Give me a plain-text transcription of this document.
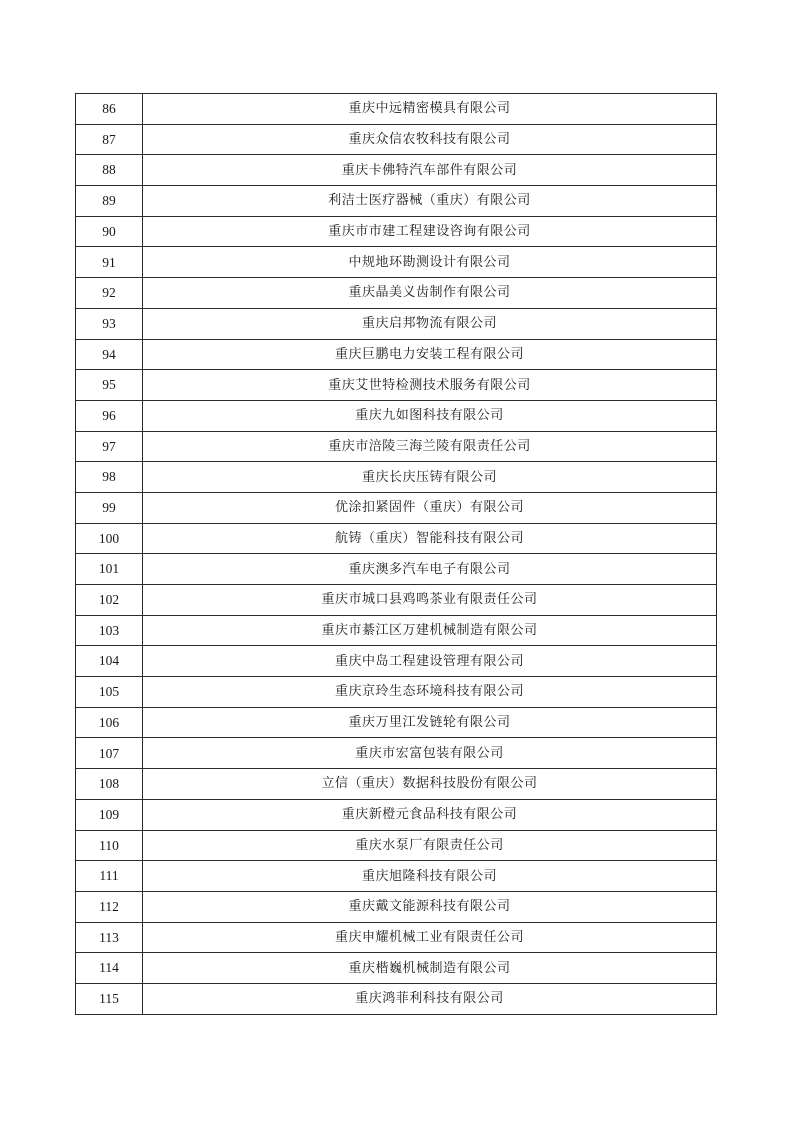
86	重庆中远精密模具有限公司
87	重庆众信农牧科技有限公司
88	重庆卡佛特汽车部件有限公司
89	利洁士医疗器械（重庆）有限公司
90	重庆市市建工程建设咨询有限公司
91	中规地环勘测设计有限公司
92	重庆晶美义齿制作有限公司
93	重庆启邦物流有限公司
94	重庆巨鹏电力安装工程有限公司
95	重庆艾世特检测技术服务有限公司
96	重庆九如图科技有限公司
97	重庆市涪陵三海兰陵有限责任公司
98	重庆长庆压铸有限公司
99	优涂扣紧固件（重庆）有限公司
100	航铸（重庆）智能科技有限公司
101	重庆澳多汽车电子有限公司
102	重庆市城口县鸡鸣茶业有限责任公司
103	重庆市綦江区万建机械制造有限公司
104	重庆中岛工程建设管理有限公司
105	重庆京玲生态环境科技有限公司
106	重庆万里江发链轮有限公司
107	重庆市宏富包装有限公司
108	立信（重庆）数据科技股份有限公司
109	重庆新橙元食品科技有限公司
110	重庆水泵厂有限责任公司
111	重庆旭隆科技有限公司
112	重庆戴文能源科技有限公司
113	重庆申耀机械工业有限责任公司
114	重庆楷巍机械制造有限公司
115	重庆鸿菲利科技有限公司
